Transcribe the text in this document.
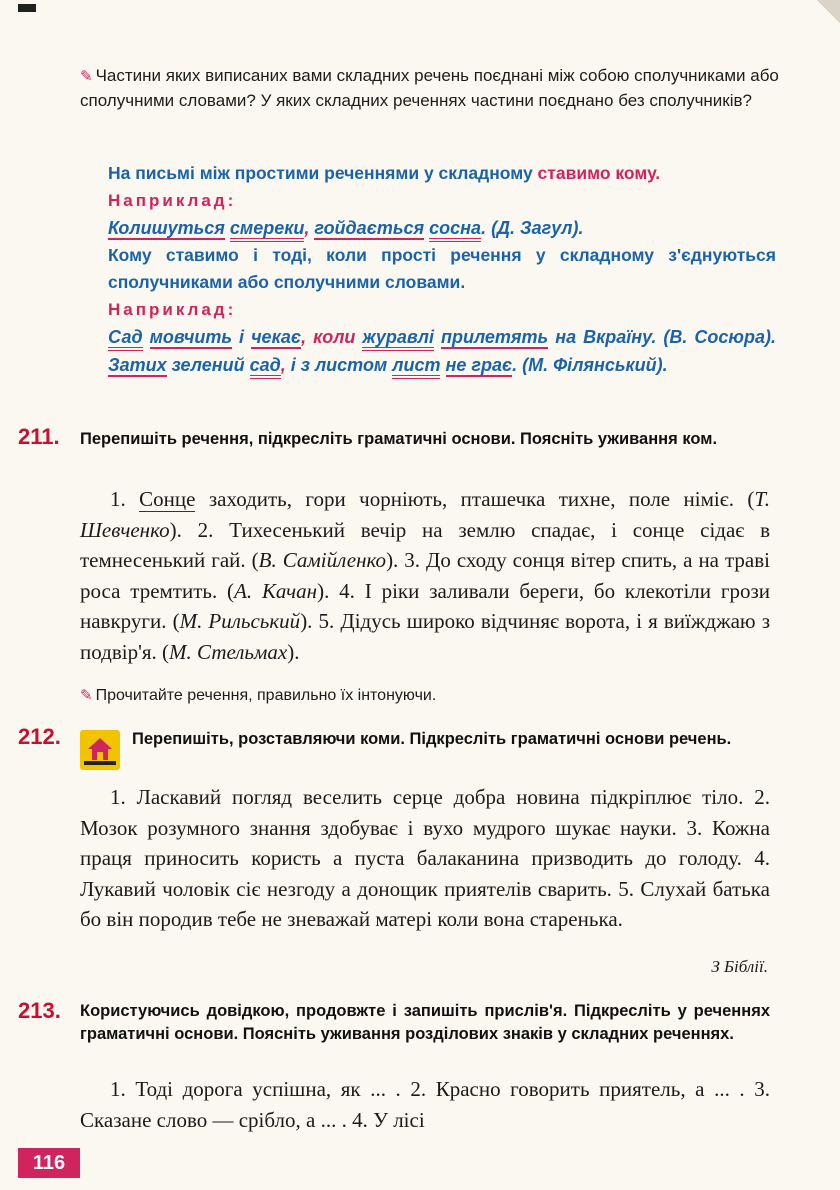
✎ Частини яких виписаних вами складних речень поєднані між собою сполучниками або сполучними словами? У яких складних реченнях частини поєднано без сполучників?
На письмі між простими реченнями у складному ставимо кому.
Наприклад:
Колишуться смереки, гойдається сосна. (Д. Загул).
Кому ставимо і тоді, коли прості речення у складному з'єднуються сполучниками або сполучними словами.
Наприклад:
Сад мовчить і чекає, коли журавлі прилетять на Вкраїну. (В. Сосюра). Затих зелений сад, і з листом лист не грає. (М. Філянський).
211. Перепишіть речення, підкресліть граматичні основи. Поясніть уживання ком.
1. Сонце заходить, гори чорніють, пташечка тихне, поле німіє. (Т. Шевченко). 2. Тихесенький вечір на землю спадає, і сонце сідає в темнесенький гай. (В. Самійленко). 3. До сходу сонця вітер спить, а на траві роса тремтить. (А. Качан). 4. І ріки заливали береги, бо клекотіли грози навкруги. (М. Рильський). 5. Дідусь широко відчиняє ворота, і я виїжджаю з подвір'я. (М. Стельмах).
✎ Прочитайте речення, правильно їх інтонуючи.
212.	Перепишіть, розставляючи коми. Підкресліть граматичні основи речень.
1. Ласкавий погляд веселить серце добра новина підкріплює тіло. 2. Мозок розумного знання здобуває і вухо мудрого шукає науки. 3. Кожна праця приносить користь а пуста балаканина призводить до голоду. 4. Лукавий чоловік сіє незгоду а донощик приятелів сварить. 5. Слухай батька бо він породив тебе не зневажай матері коли вона старенька.
З Біблії.
213. Користуючись довідкою, продовжте і запишіть прислів'я. Підкресліть у реченнях граматичні основи. Поясніть уживання розділових знаків у складних реченнях.
1. Тоді дорога успішна, як ... . 2. Красно говорить приятель, а ... . 3. Сказане слово — срібло, а ... . 4. У лісі
116
